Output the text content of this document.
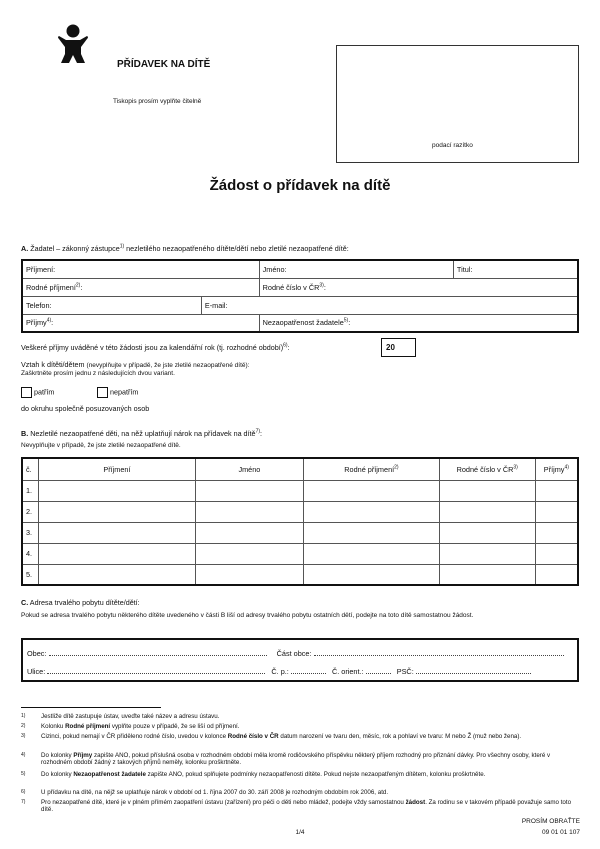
PŘÍDAVEK NA DÍTĚ
Tiskopis prosím vyplňte čitelně
podací razítko
Žádost o přídavek na dítě
A. Žadatel – zákonný zástupce$^{1)}$ nezletilého nezaopatřeného dítěte/dětí nebo zletilé nezaopatřené dítě:
Příjmení:		Jméno:	Titul:
Rodné příjmení$^{2)}$:		Rodné číslo v ČR$^{3)}$:	
Telefon:	E-mail:		
Příjmy$^{4)}$:		Nezaopatřenost žadatele$^{5)}$:	
Veškeré příjmy uváděné v této žádosti jsou za kalendářní rok (tj. rozhodné období)$^{6)}$:	20
Vztah k dítěti/dětem (nevyplňujte v případě, že jste zletilé nezaopatřené dítě):
Zaškrtněte prosím jednu z následujících dvou variant.
patřím	nepatřím
do okruhu společně posuzovaných osob
B. Nezletilé nezaopatřené děti, na něž uplatňují nárok na přídavek na dítě$^{7)}$:
Nevyplňujte v případě, že jste zletilé nezaopatřené dítě.
č.	Příjmení	Jméno	Rodné příjmení$^{2)}$	Rodné číslo v ČR$^{3)}$	Příjmy$^{4)}$
1.					
2.					
3.					
4.					
5.					
C. Adresa trvalého pobytu dítěte/dětí:
Pokud se adresa trvalého pobytu některého dítěte uvedeného v části B liší od adresy trvalého pobytu ostatních dětí, podejte na toto dítě samostatnou žádost.
Obec:	Část obce:
Ulice:	Č. p.:	Č. orient.:	PSČ:
1)	Jestliže dítě zastupuje ústav, uveďte také název a adresu ústavu.
2)	Kolonku Rodné příjmení vyplňte pouze v případě, že se liší od příjmení.
3)	Cizinci, pokud nemají v ČR přiděleno rodné číslo, uvedou v kolonce Rodné číslo v ČR datum narození ve tvaru den, měsíc, rok a pohlaví ve tvaru: M nebo Ž (muž nebo žena).
4)	Do kolonky Příjmy zapište ANO, pokud příslušná osoba v rozhodném období měla kromě rodičovského příspěvku některý příjem rozhodný pro přiznání dávky. Pro všechny osoby, které v rozhodném období žádný z takových příjmů neměly, kolonku proškrtněte.
5)	Do kolonky Nezaopatřenost žadatele zapište ANO, pokud splňujete podmínky nezaopatřenosti dítěte. Pokud nejste nezaopatřeným dítětem, kolonku proškrtněte.
6)	U přídavku na dítě, na nějž se uplatňuje nárok v období od 1. října 2007 do 30. září 2008 je rozhodným obdobím rok 2006, atd.
7)	Pro nezaopatřené dítě, které je v plném přímém zaopatření ústavu (zařízení) pro péči o děti nebo mládež, podejte vždy samostatnou žádost. Za rodinu se v takovém případě považuje samo toto dítě.
PROSÍM OBRAŤTE
09 01 01 107
1/4
